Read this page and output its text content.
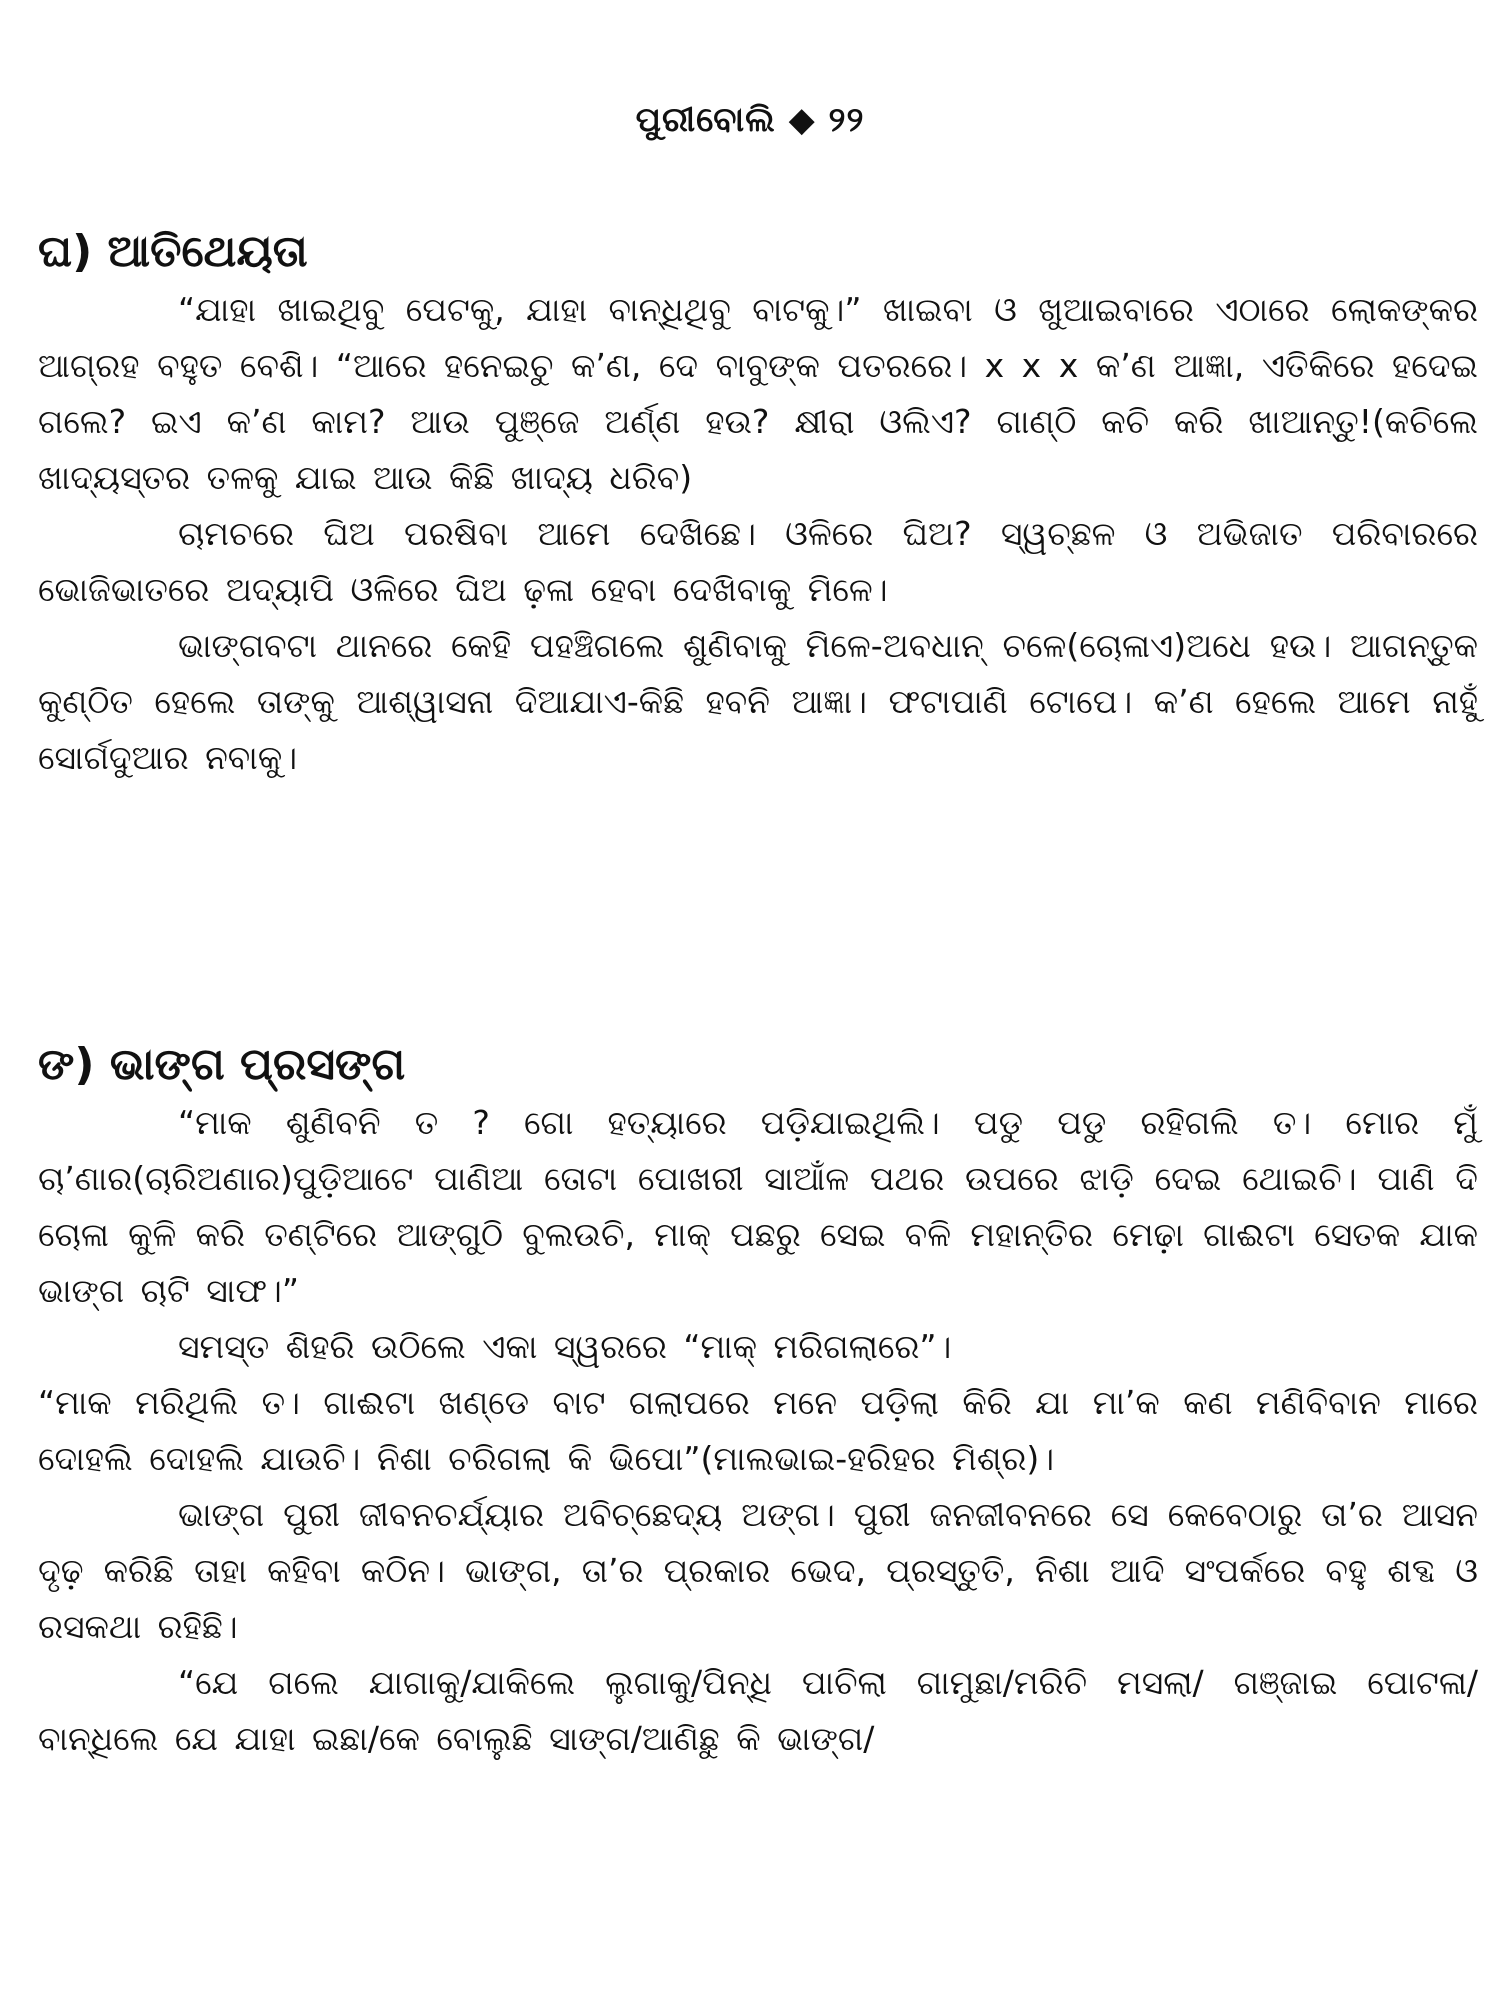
ପୁରୀବୋଲି ◆ ୨୨
ଘ) ଆତିଥେୟତା

“ଯାହା ଖାଇଥିବୁ ପେଟକୁ, ଯାହା ବାନ୍ଧିଥିବୁ ବାଟକୁ।” ଖାଇବା ଓ ଖୁଆଇବାରେ ଏଠାରେ ଲୋକଙ୍କର ଆଗ୍ରହ ବହୁତ ବେଶି। “ଆରେ ହନେଇଚୁ କ’ଣ, ଦେ ବାବୁଙ୍କ ପତରରେ। x x x କ’ଣ ଆଜ୍ଞା, ଏତିକିରେ ହଦେଇ ଗଲେ? ଇଏ କ’ଣ କାମ? ଆଉ ପୁଞ୍ଜେ ଅର୍ଣ୍ଣ ହଉ? କ୍ଷୀରା ଓଲିଏ? ଗାଣ୍ଠି କଚି କରି ଖାଆନ୍ତୁ!(କଚିଲେ ଖାଦ୍ୟସ୍ତର ତଳକୁ ଯାଇ ଆଉ କିଛି ଖାଦ୍ୟ ଧରିବ)

ଚାମଚରେ ଘିଅ ପରଷିବା ଆମେ ଦେଖିଛେ। ଓଳିରେ ଘିଅ? ସ୍ୱଚ୍ଛଳ ଓ ଅଭିଜାତ ପରିବାରରେ ଭୋଜିଭାତରେ ଅଦ୍ୟାପି ଓଳିରେ ଘିଅ ଢ଼ଳା ହେବା ଦେଖିବାକୁ ମିଳେ।

ଭାଙ୍ଗବଟା ଥାନରେ କେହି ପହଞ୍ଚିଗଲେ ଶୁଣିବାକୁ ମିଳେ-ଅବଧାନ୍ ଚଳେ(ଚୋଳାଏ)ଅଧେ ହଉ। ଆଗନ୍ତୁକ କୁଣ୍ଠିତ ହେଲେ ତାଙ୍କୁ ଆଶ୍ୱାସନା ଦିଆଯାଏ-କିଛି ହବନି ଆଜ୍ଞା। ଫଟାପାଣି ଟୋପେ। କ’ଣ ହେଲେ ଆମେ ନାହୁଁ ସୋର୍ଗଦୁଆର ନବାକୁ।

ଙ) ଭାଙ୍ଗ ପ୍ରସଙ୍ଗ

“ମାକ ଶୁଣିବନି ତ ? ଗୋ ହତ୍ୟାରେ ପଡ଼ିଯାଇଥିଲି। ପଡୁ ପଡୁ ରହିଗଲି ତ। ମୋର ମୁଁ ଚା’ଣାର(ଚାରିଅଣାର)ପୁଡ଼ିଆଟେ ପାଣିଆ ତୋଟା ପୋଖରୀ ସାଆଁଳ ପଥର ଉପରେ ଝାଡ଼ି ଦେଇ ଥୋଇଚି। ପାଣି ଦି ଚୋଳା କୁଳି କରି ତଣ୍ଟିରେ ଆଙ୍ଗୁଠି ବୁଲଉଚି, ମାକ୍ ପଛରୁ ସେଇ ବଳି ମହାନ୍ତିର ମେଢ଼ା ଗାଈଟା ସେତକ ଯାକ ଭାଙ୍ଗ ଚାଟି ସାଫ।”

ସମସ୍ତ ଶିହରି ଉଠିଲେ ଏକା ସ୍ୱରରେ “ମାକ୍ ମରିଗଲାରେ”।

“ମାକ ମରିଥିଲି ତ। ଗାଈଟା ଖଣ୍ଡେ ବାଟ ଗଲାପରେ ମନେ ପଡ଼ିଲା କିରି ଯା ମା’କ କଣ ମଣିବିବାନ ମାରେ ଦୋହଲି ଦୋହଲି ଯାଉଚି। ନିଶା ଚରିଗଲା କି ଭିପୋ”(ମାଲଭାଇ-ହରିହର ମିଶ୍ର)।

ଭାଙ୍ଗ ପୁରୀ ଜୀବନଚର୍ଯ୍ୟାର ଅବିଚ୍ଛେଦ୍ୟ ଅଙ୍ଗ। ପୁରୀ ଜନଜୀବନରେ ସେ କେବେଠାରୁ ତା’ର ଆସନ ଦୃଢ଼ କରିଛି ତାହା କହିବା କଠିନ। ଭାଙ୍ଗ, ତା’ର ପ୍ରକାର ଭେଦ, ପ୍ରସ୍ତୁତି, ନିଶା ଆଦି ସଂପର୍କରେ ବହୁ ଶବ୍ଦ ଓ ରସକଥା ରହିଛି।

“ଯେ ଗଲେ ଯାଗାକୁ/ଯାକିଲେ ଲୁଗାକୁ/ପିନ୍ଧି ପାଚିଲା ଗାମୁଛା/ମରିଚି ମସଲା/ ଗଞ୍ଜାଇ ପୋଟଳା/ବାନ୍ଧିଲେ ଯେ ଯାହା ଇଛା/କେ ବୋଲୁଛି ସାଙ୍ଗ/ଆଣିଛୁ କି ଭାଙ୍ଗ/
